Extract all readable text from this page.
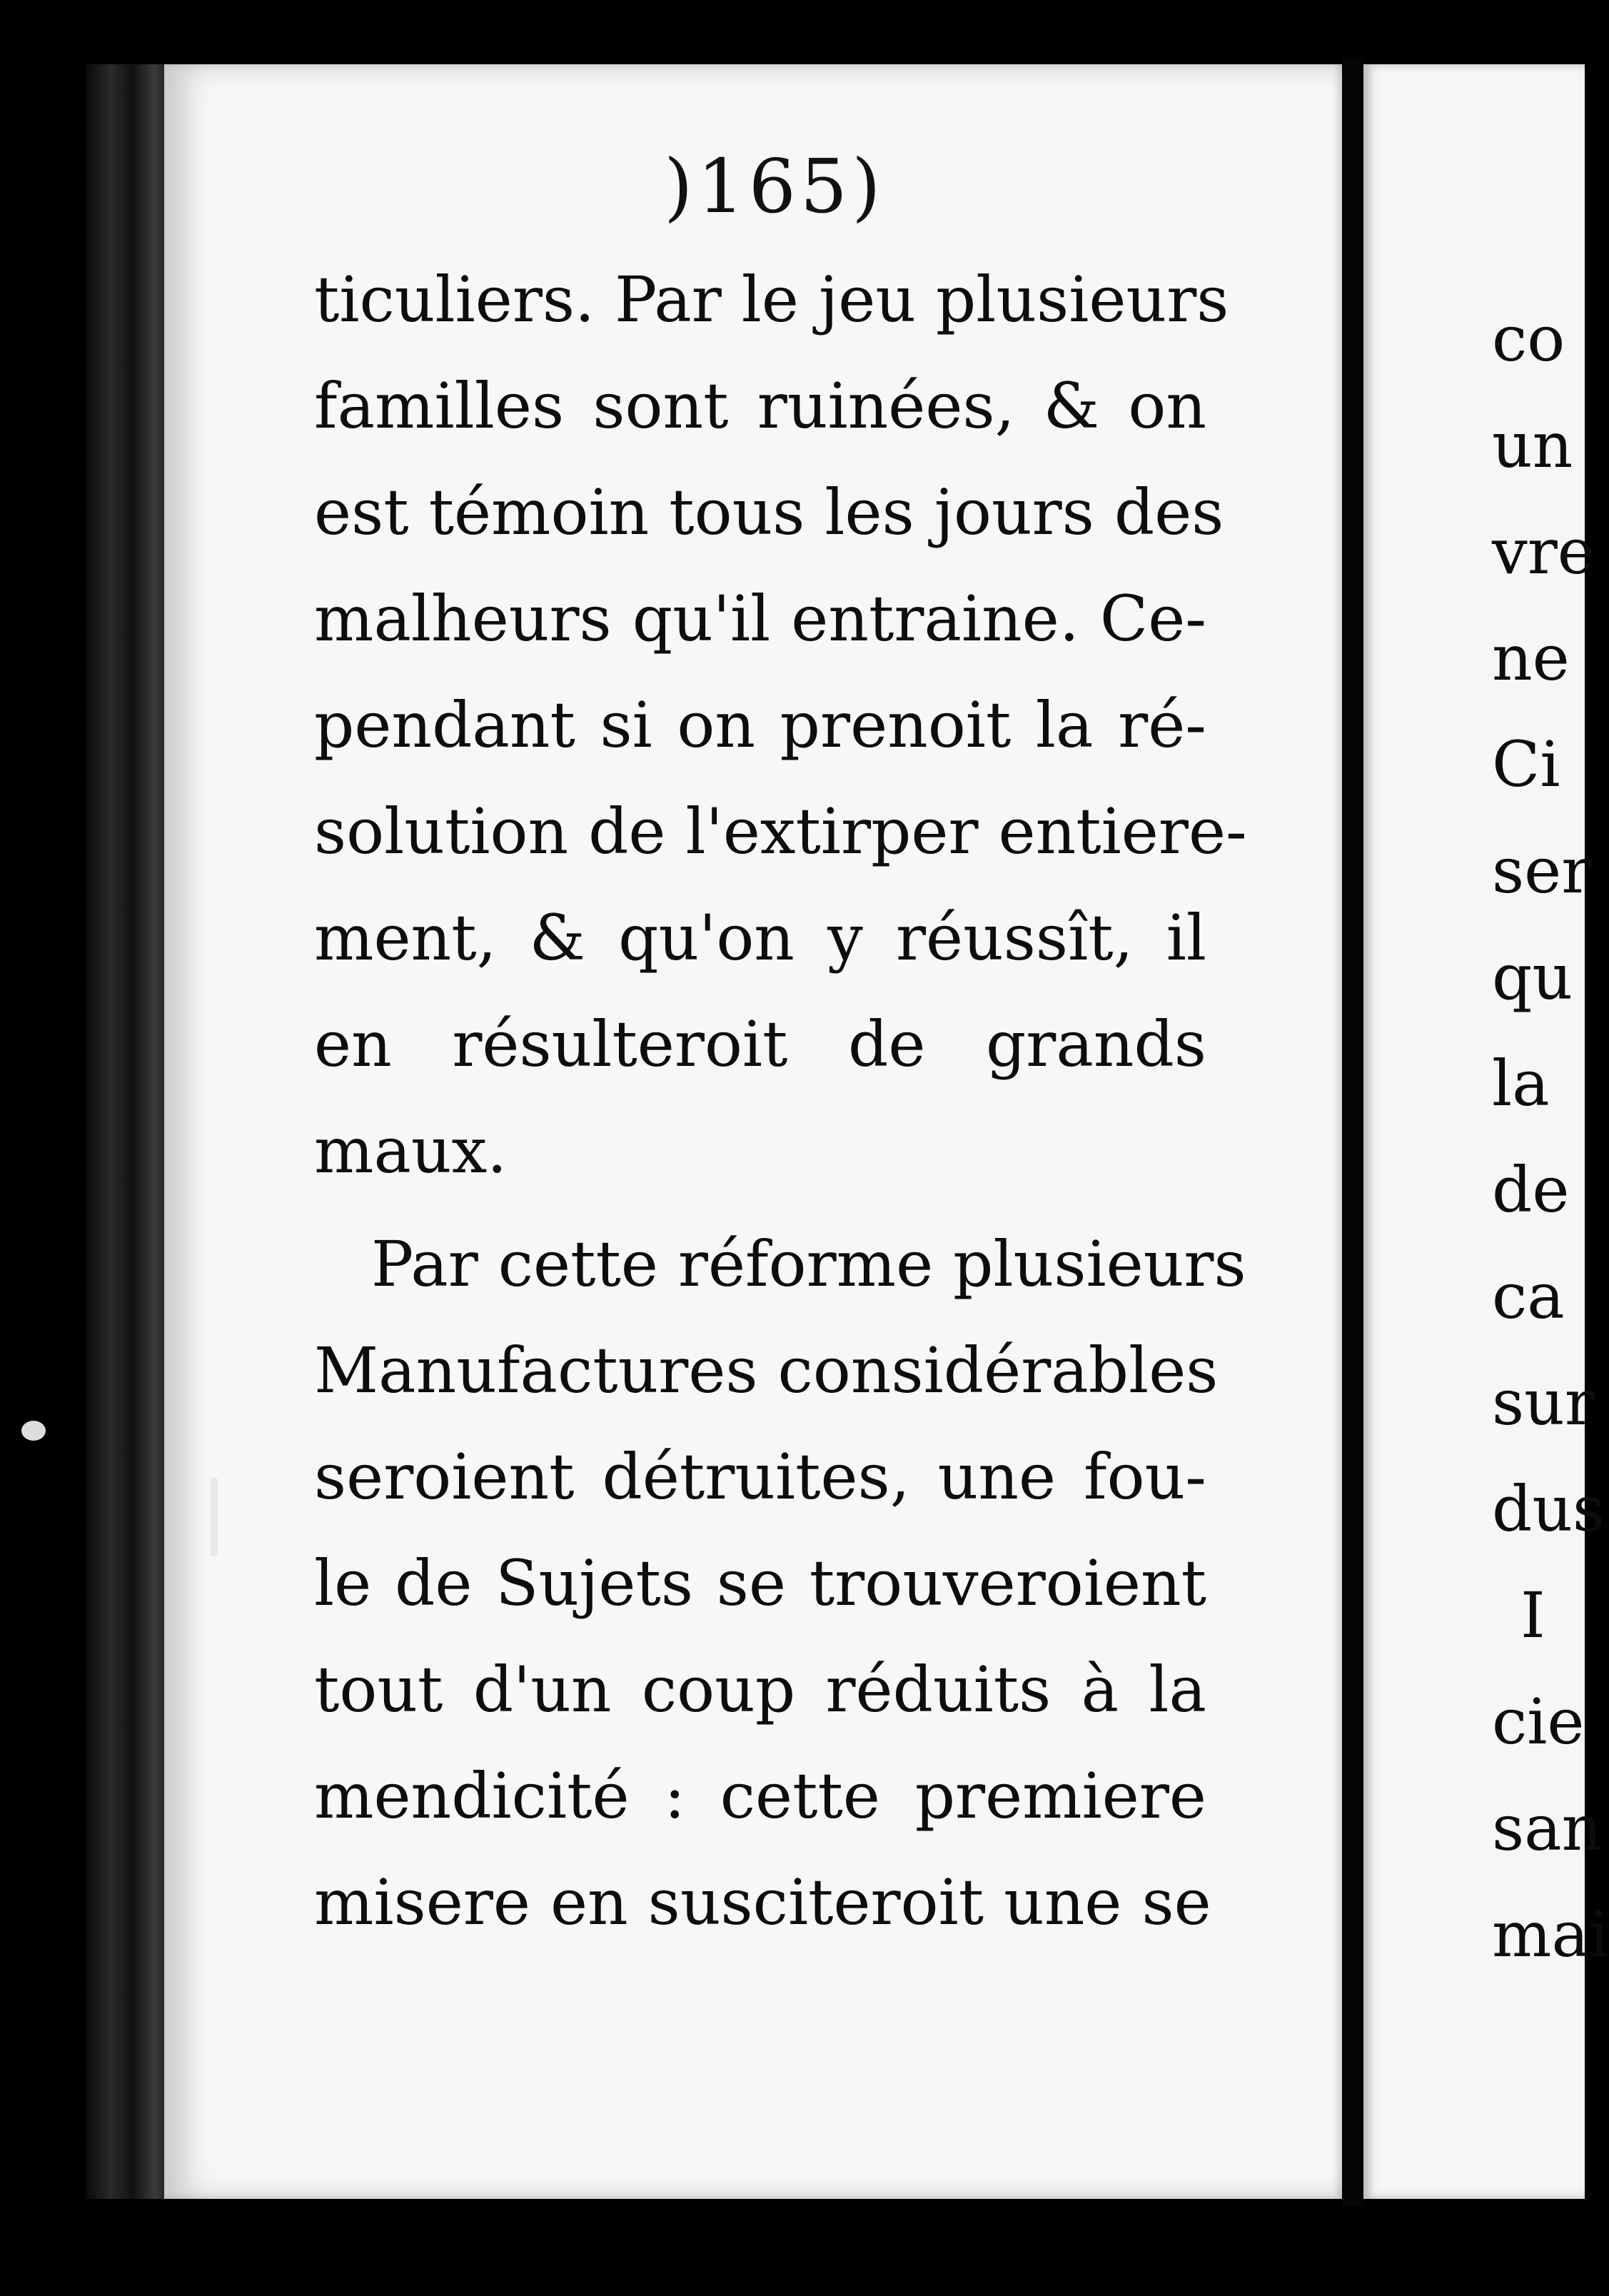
)165)
ticuliers. Par le jeu plusieurs
familles sont ruinées, & on
est témoin tous les jours des
malheurs qu'il entraine. Ce-
pendant si on prenoit la ré-
solution de l'extirper entiere-
ment, & qu'on y réussît, il
en résulteroit de grands
maux.
Par cette réforme plusieurs
Manufactures considérables
seroient détruites, une fou-
le de Sujets se trouveroient
tout d'un coup réduits à la
mendicité : cette premiere
misere en susciteroit une se
co
un
vre
ne
Ci
ser
qu
la
de
ca
sur
dus
I
cie
san
mai
